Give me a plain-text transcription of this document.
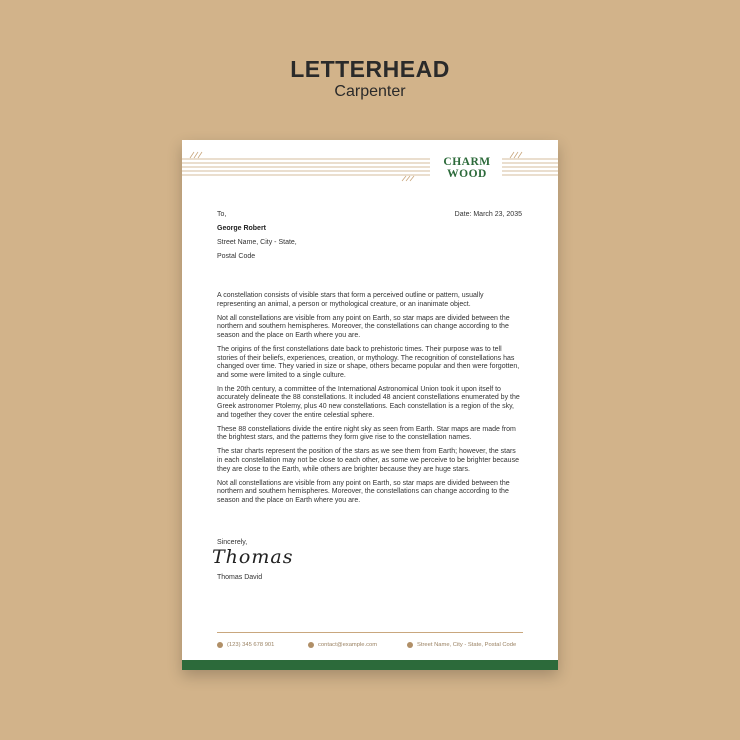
LETTERHEAD
Carpenter
CHARM
WOOD
To,	Date: March 23, 2035
George Robert
Street Name, City - State,
Postal Code

A constellation consists of visible stars that form a perceived outline or pattern, usually representing an animal, a person or mythological creature, or an inanimate object.

Not all constellations are visible from any point on Earth, so star maps are divided between the northern and southern hemispheres. Moreover, the constellations can change according to the season and the place on Earth where you are.

The origins of the first constellations date back to prehistoric times. Their purpose was to tell stories of their beliefs, experiences, creation, or mythology. The recognition of constellations has changed over time. They varied in size or shape, others became popular and then were forgotten, and some were limited to a single culture.

In the 20th century, a committee of the International Astronomical Union took it upon itself to accurately delineate the 88 constellations. It included 48 ancient constellations enumerated by the Greek astronomer Ptolemy, plus 40 new constellations. Each constellation is a region of the sky, and together they cover the entire celestial sphere.

These 88 constellations divide the entire night sky as seen from Earth. Star maps are made from the brightest stars, and the patterns they form give rise to the constellation names.

The star charts represent the position of the stars as we see them from Earth; however, the stars in each constellation may not be close to each other, as some we perceive to be brighter because they are close to the Earth, while others are brighter because they are huge stars.

Not all constellations are visible from any point on Earth, so star maps are divided between the northern and southern hemispheres. Moreover, the constellations can change according to the season and the place on Earth where you are.

Sincerely,
Thomas
Thomas David
(123) 345 678 901	contact@example.com	Street Name, City - State, Postal Code
